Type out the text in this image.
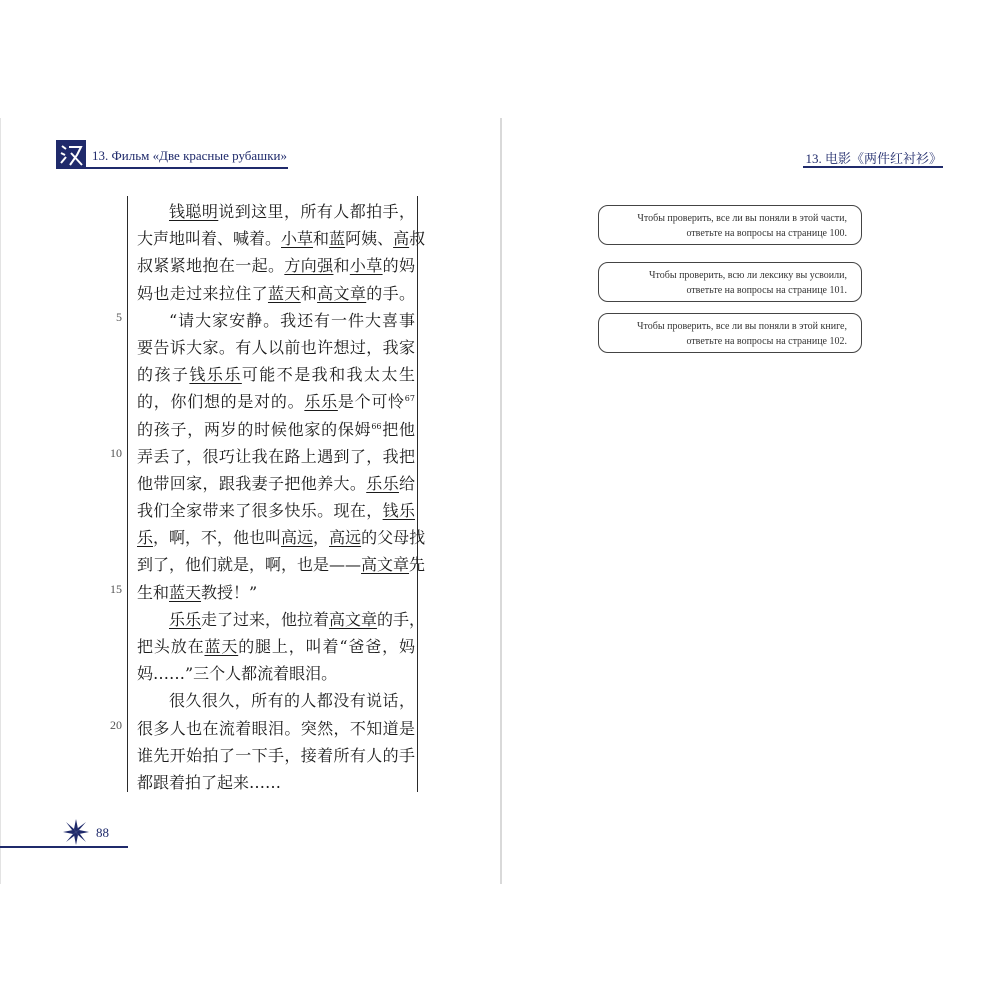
13. Фильм «Две красные рубашки»	13. 电影《两件红衬衫》
5
10
15
20
钱聪明说到这里，所有人都拍手，
大声地叫着、喊着。小草和蓝阿姨、高叔
叔紧紧地抱在一起。方向强和小草的妈
妈也走过来拉住了蓝天和高文章的手。
“请大家安静。我还有一件大喜事
要告诉大家。有人以前也许想过，我家
的孩子钱乐乐可能不是我和我太太生
的，你们想的是对的。乐乐是个可怜$^{67}$
的孩子，两岁的时候他家的保姆$^{66}$把他
弄丢了，很巧让我在路上遇到了，我把
他带回家，跟我妻子把他养大。乐乐给
我们全家带来了很多快乐。现在，钱乐
乐，啊，不，他也叫高远，高远的父母找
到了，他们就是，啊，也是——高文章先
生和蓝天教授！”
乐乐走了过来，他拉着高文章的手，
把头放在蓝天的腿上，叫着“爸爸，妈
妈……”三个人都流着眼泪。
很久很久，所有的人都没有说话，
很多人也在流着眼泪。突然，不知道是
谁先开始拍了一下手，接着所有人的手
都跟着拍了起来……
88
Чтобы проверить, все ли вы поняли в этой части,
ответьте на вопросы на странице 100.
Чтобы проверить, всю ли лексику вы усвоили,
ответьте на вопросы на странице 101.
Чтобы проверить, все ли вы поняли в этой книге,
ответьте на вопросы на странице 102.
